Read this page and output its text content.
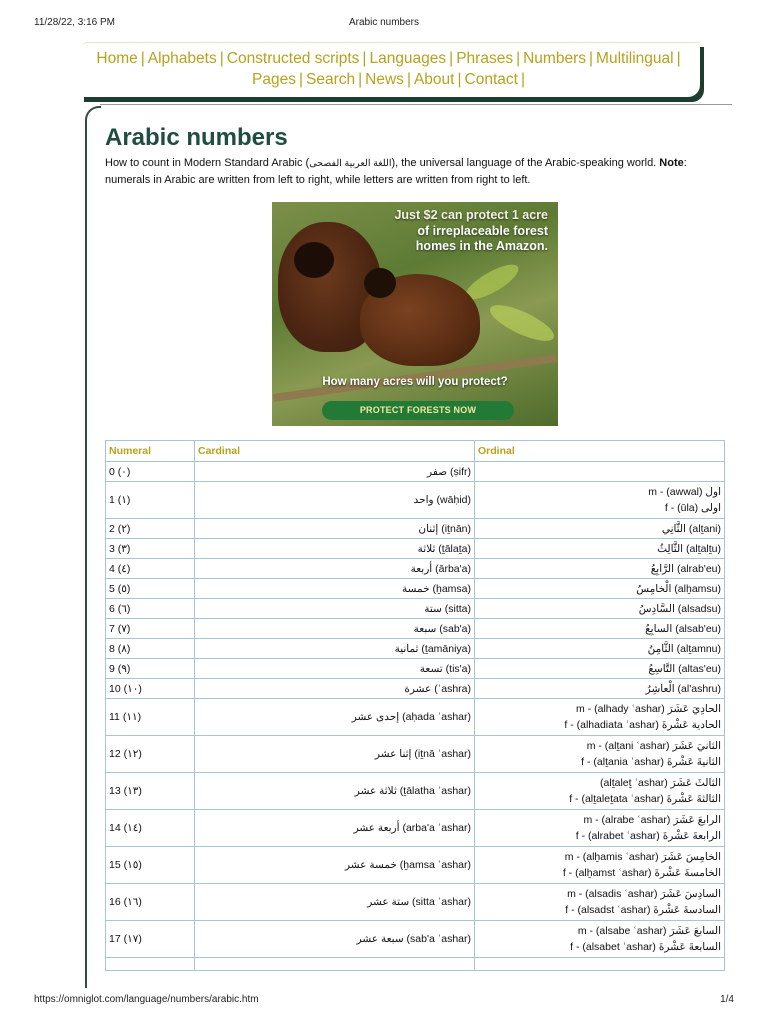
11/28/22, 3:16 PM	Arabic numbers
Home | Alphabets | Constructed scripts | Languages | Phrases | Numbers | Multilingual |
Pages | Search | News | About | Contact |
Arabic numbers
How to count in Modern Standard Arabic (اللغة العربية الفصحى), the universal language of the Arabic-speaking world. Note: numerals in Arabic are written from left to right, while letters are written from right to left.
Just $2 can protect 1 acre
of irreplaceable forest
homes in the Amazon.
How many acres will you protect?
PROTECT FORESTS NOW
Numeral	Cardinal	Ordinal
0 (٠)	صفر (ṣifr)	
1 (١)	واحد (wāḥid)	m - (awwal) اول
f - (ūla) اولى

2 (٢)	إثنان (iṯnān)	الثَّانِي (alṯani)

3 (٣)	ثلاثة (ṯālaṯa)	الثَّالِثُ (alṯalṯu)

4 (٤)	أربعة (ārba'a)	الرَّابِعُ (alrab'eu)

5 (٥)	خمسة (ḫamsa)	الْخامِسُ (alḫamsu)

6 (٦)	ستة (sitta)	السَّادِسُ (alsadsu)

7 (٧)	سبعة (sab'a)	السابِعُ (alsab'eu)

8 (٨)	ثمانية (ṯamāniya)	الثَّامِنُ (alṯamnu)

9 (٩)	تسعة (tis'a)	التَّاسِعُ (altas'eu)

10 (١٠)	عشرة (ʿashra)	الْعاشِرُ (al'ashru)

11 (١١)	إحدى عشر (aḥada ʿashar)	m - (alhady ʿashar) الحادِيَ عَشَرَ
f - (alhadiata ʿashar) الحادية عَشْرةَ

12 (١٢)	إثنا عشر (iṯnā ʿashar)	m - (alṯani ʿashar) الثانيَ عَشَرَ
f - (alṯania ʿashar) الثانيةَ عَشْرةَ

13 (١٣)	ثلاثة عشر (ṯālatha ʿashar)	(alṯaleṯ ʿashar) الثالثَ عَشَرَ
f - (alṯaleṯata ʿashar) الثالثةَ عَشْرةَ

14 (١٤)	أربعة عشر (arba'a ʿashar)	m - (alrabe ʿashar) الرابعَ عَشَرَ
f - (alrabet ʿashar) الرابعةَ عَشْرةَ

15 (١٥)	خمسة عشر (ḫamsa ʿashar)	m - (alḫamis ʿashar) الخامِسَ عَشَرَ
f - (alḫamst ʿashar) الخامسةَ عَشْرةَ

16 (١٦)	ستة عشر (sitta ʿashar)	m - (alsadis ʿashar) السادِسَ عَشَرَ
f - (alsadst ʿashar) السادسةَ عَشْرةَ

17 (١٧)	سبعة عشر (sab'a ʿashar)	m - (alsabe ʿashar) السابعَ عَشَرَ
f - (alsabet ʿashar) السابعةَ عَشْرةَ

https://omniglot.com/language/numbers/arabic.htm	1/4
